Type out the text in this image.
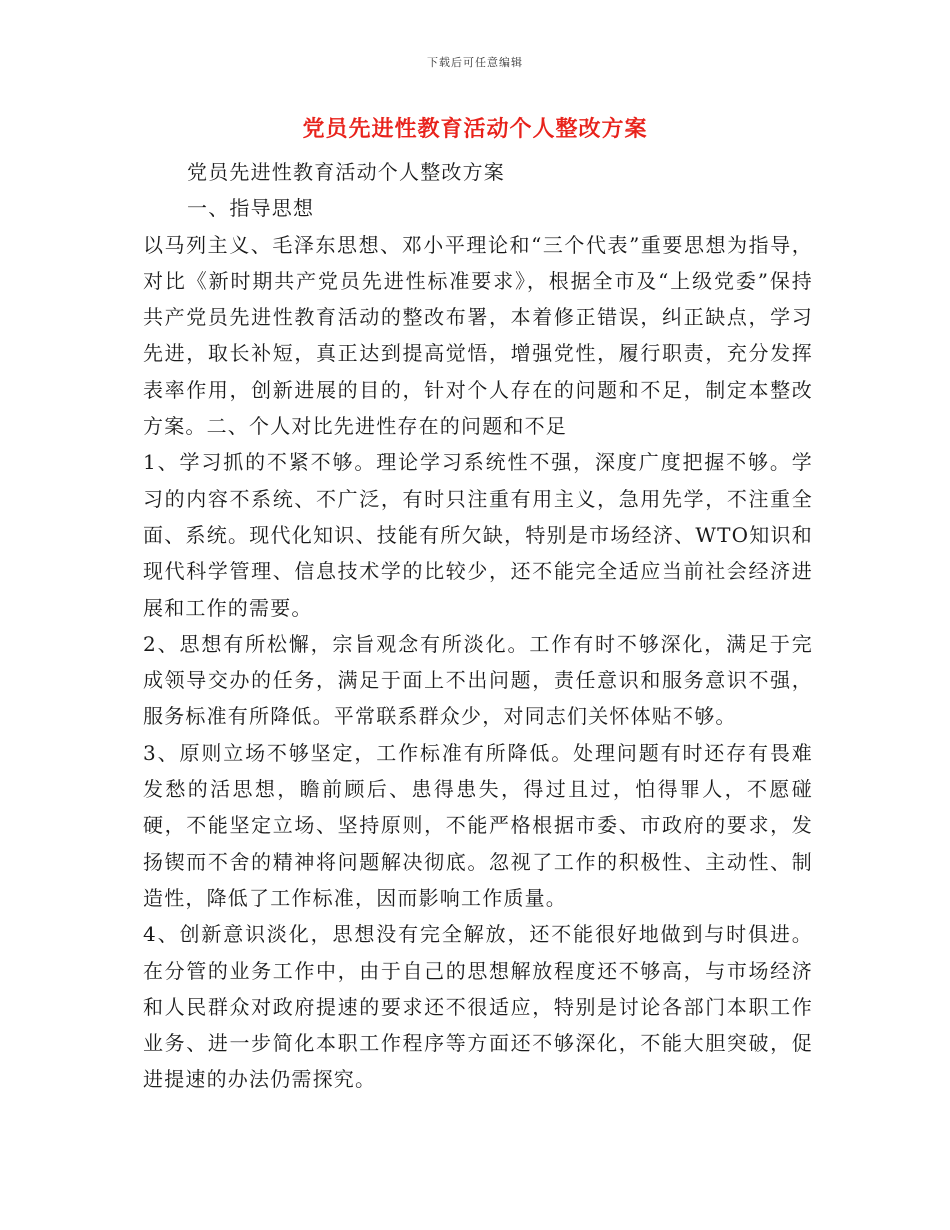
下载后可任意编辑
党员先进性教育活动个人整改方案

党员先进性教育活动个人整改方案

一、指导思想

以马列主义、毛泽东思想、邓小平理论和“三个代表”重要思想为指导，对比《新时期共产党员先进性标准要求》，根据全市及“上级党委”保持共产党员先进性教育活动的整改布署，本着修正错误，纠正缺点，学习先进，取长补短，真正达到提高觉悟，增强党性，履行职责，充分发挥表率作用，创新进展的目的，针对个人存在的问题和不足，制定本整改方案。二、个人对比先进性存在的问题和不足

1、学习抓的不紧不够。理论学习系统性不强，深度广度把握不够。学习的内容不系统、不广泛，有时只注重有用主义，急用先学，不注重全面、系统。现代化知识、技能有所欠缺，特别是市场经济、WTO知识和现代科学管理、信息技术学的比较少，还不能完全适应当前社会经济进展和工作的需要。

2、思想有所松懈，宗旨观念有所淡化。工作有时不够深化，满足于完成领导交办的任务，满足于面上不出问题，责任意识和服务意识不强，服务标准有所降低。平常联系群众少，对同志们关怀体贴不够。

3、原则立场不够坚定，工作标准有所降低。处理问题有时还存有畏难发愁的活思想，瞻前顾后、患得患失，得过且过，怕得罪人，不愿碰硬，不能坚定立场、坚持原则，不能严格根据市委、市政府的要求，发扬锲而不舍的精神将问题解决彻底。忽视了工作的积极性、主动性、制造性，降低了工作标准，因而影响工作质量。

4、创新意识淡化，思想没有完全解放，还不能很好地做到与时俱进。在分管的业务工作中，由于自己的思想解放程度还不够高，与市场经济和人民群众对政府提速的要求还不很适应，特别是讨论各部门本职工作业务、进一步简化本职工作程序等方面还不够深化，不能大胆突破，促进提速的办法仍需探究。
